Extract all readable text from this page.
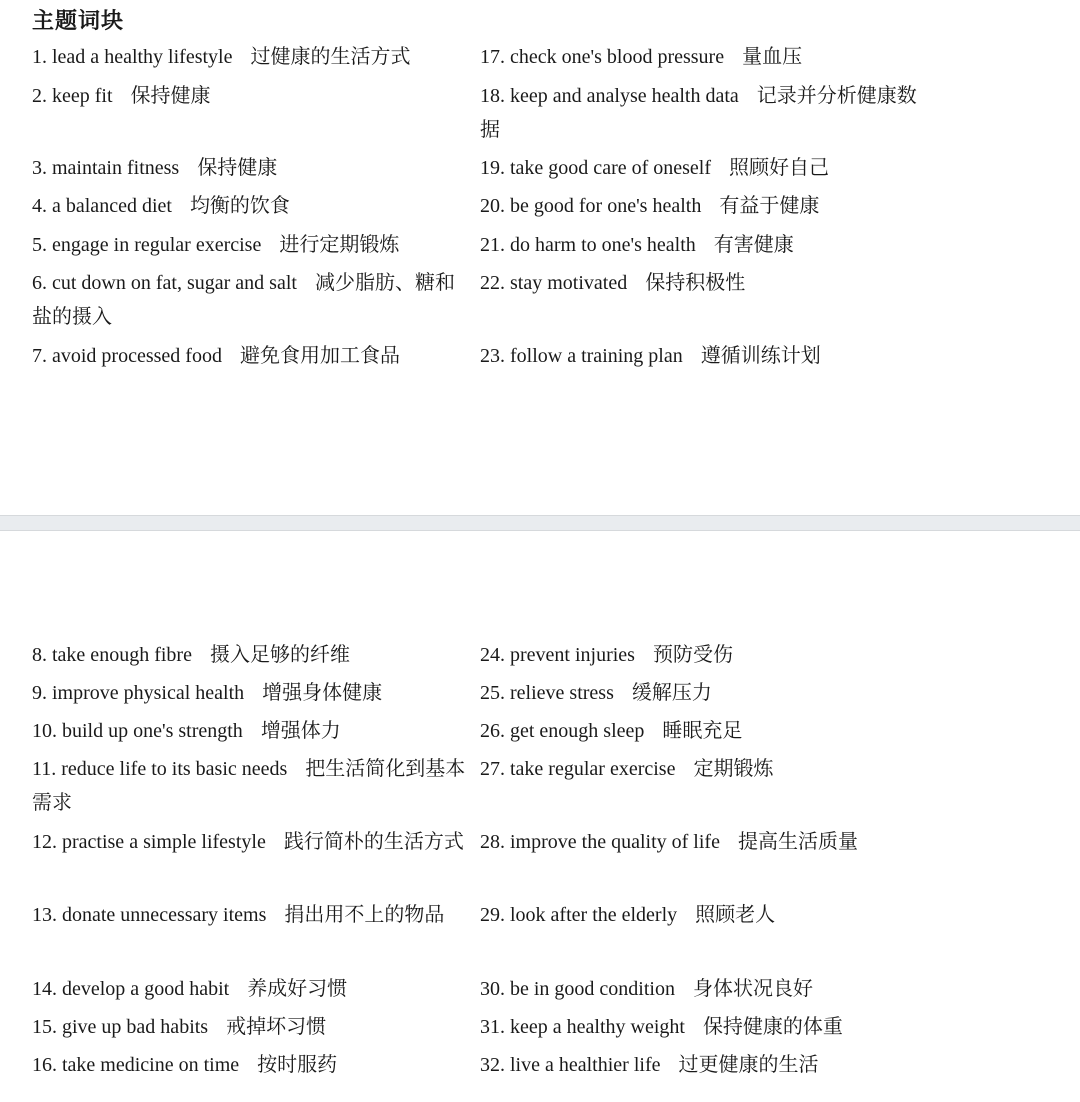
主题词块

1. lead a healthy lifestyle 过健康的生活方式

2. keep fit 保持健康

3. maintain fitness 保持健康

4. a balanced diet 均衡的饮食

5. engage in regular exercise 进行定期锻炼

6. cut down on fat, sugar and salt 减少脂肪、糖和盐的摄入

7. avoid processed food 避免食用加工食品

17. check one's blood pressure 量血压

18. keep and analyse health data 记录并分析健康数据

19. take good care of oneself 照顾好自己

20. be good for one's health 有益于健康

21. do harm to one's health 有害健康

22. stay motivated 保持积极性

23. follow a training plan 遵循训练计划

8. take enough fibre 摄入足够的纤维

9. improve physical health 增强身体健康

10. build up one's strength 增强体力

11. reduce life to its basic needs 把生活简化到基本需求

12. practise a simple lifestyle 践行简朴的生活方式

13. donate unnecessary items 捐出用不上的物品

14. develop a good habit 养成好习惯

15. give up bad habits 戒掉坏习惯

16. take medicine on time 按时服药

24. prevent injuries 预防受伤

25. relieve stress 缓解压力

26. get enough sleep 睡眠充足

27. take regular exercise 定期锻炼

28. improve the quality of life 提高生活质量

29. look after the elderly 照顾老人

30. be in good condition 身体状况良好

31. keep a healthy weight 保持健康的体重

32. live a healthier life 过更健康的生活
